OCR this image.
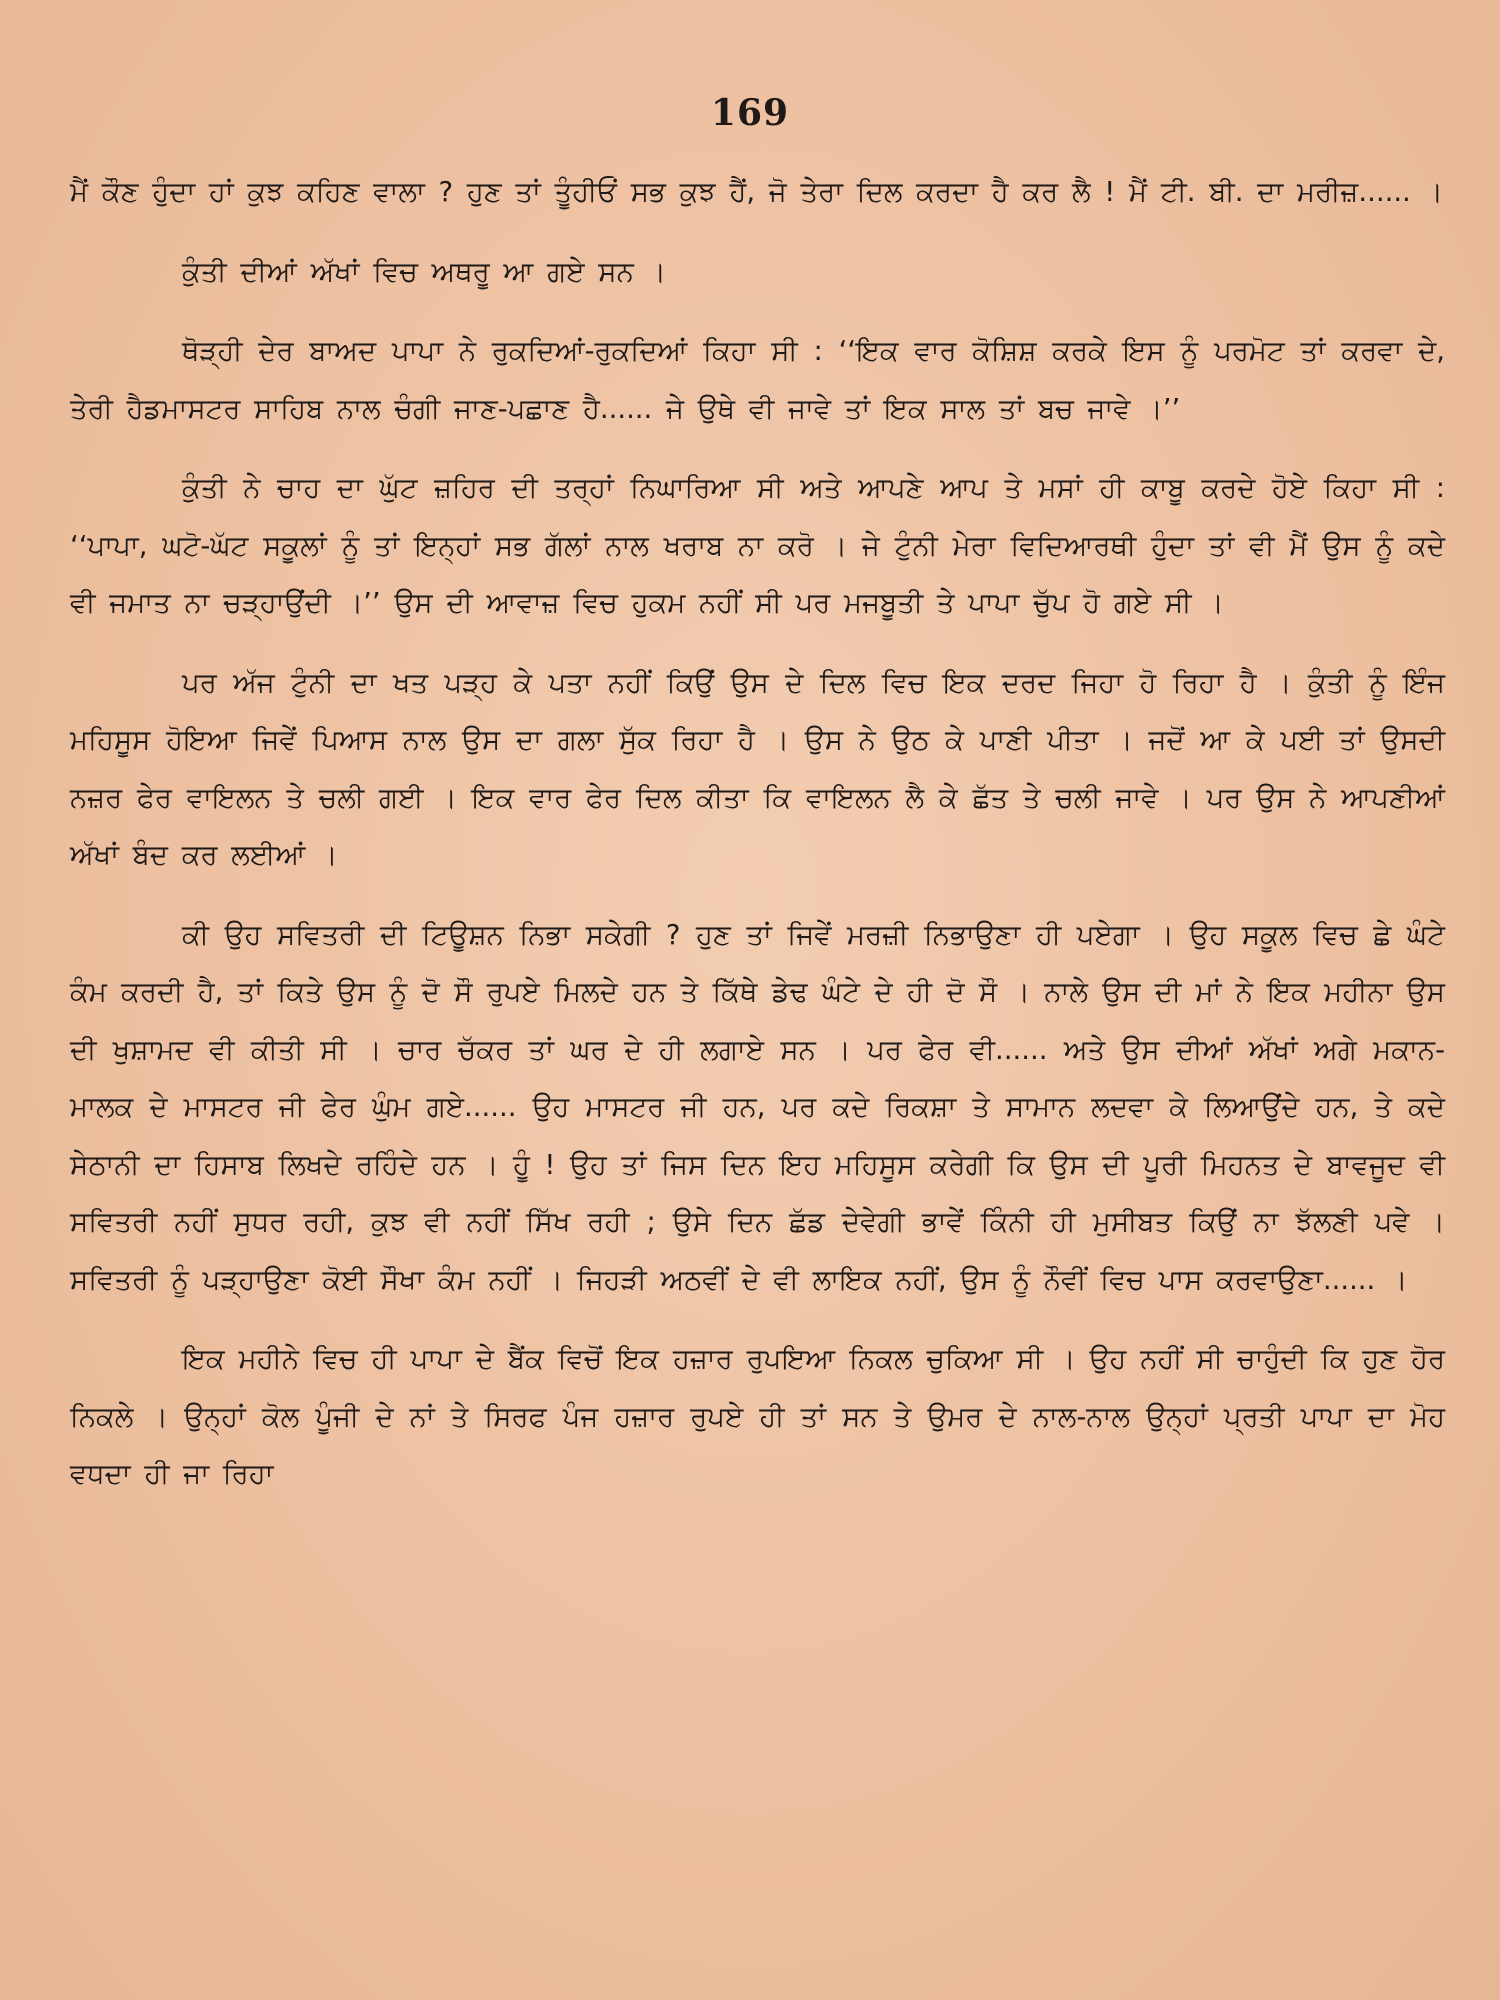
169

ਮੈਂ ਕੌਣ ਹੁੰਦਾ ਹਾਂ ਕੁਝ ਕਹਿਣ ਵਾਲਾ ? ਹੁਣ ਤਾਂ ਤੂੰਹੀਓਂ ਸਭ ਕੁਝ ਹੈਂ, ਜੋ ਤੇਰਾ ਦਿਲ ਕਰਦਾ ਹੈ ਕਰ ਲੈ ! ਮੈਂ ਟੀ. ਬੀ. ਦਾ ਮਰੀਜ਼...... ।

ਕੁੰਤੀ ਦੀਆਂ ਅੱਖਾਂ ਵਿਚ ਅਥਰੂ ਆ ਗਏ ਸਨ ।

ਥੋੜ੍ਹੀ ਦੇਰ ਬਾਅਦ ਪਾਪਾ ਨੇ ਰੁਕਦਿਆਂ-ਰੁਕਦਿਆਂ ਕਿਹਾ ਸੀ : ‘‘ਇਕ ਵਾਰ ਕੋਸ਼ਿਸ਼ ਕਰਕੇ ਇਸ ਨੂੰ ਪਰਮੋਟ ਤਾਂ ਕਰਵਾ ਦੇ, ਤੇਰੀ ਹੈਡਮਾਸਟਰ ਸਾਹਿਬ ਨਾਲ ਚੰਗੀ ਜਾਣ-ਪਛਾਣ ਹੈ...... ਜੇ ਉਥੇ ਵੀ ਜਾਵੇ ਤਾਂ ਇਕ ਸਾਲ ਤਾਂ ਬਚ ਜਾਵੇ ।’’

ਕੁੰਤੀ ਨੇ ਚਾਹ ਦਾ ਘੁੱਟ ਜ਼ਹਿਰ ਦੀ ਤਰ੍ਹਾਂ ਨਿਘਾਰਿਆ ਸੀ ਅਤੇ ਆਪਣੇ ਆਪ ਤੇ ਮਸਾਂ ਹੀ ਕਾਬੂ ਕਰਦੇ ਹੋਏ ਕਿਹਾ ਸੀ : ‘‘ਪਾਪਾ, ਘਟੋ-ਘੱਟ ਸਕੂਲਾਂ ਨੂੰ ਤਾਂ ਇਨ੍ਹਾਂ ਸਭ ਗੱਲਾਂ ਨਾਲ ਖਰਾਬ ਨਾ ਕਰੋ । ਜੇ ਟੁੰਨੀ ਮੇਰਾ ਵਿਦਿਆਰਥੀ ਹੁੰਦਾ ਤਾਂ ਵੀ ਮੈਂ ਉਸ ਨੂੰ ਕਦੇ ਵੀ ਜਮਾਤ ਨਾ ਚੜ੍ਹਾਉਂਦੀ ।’’ ਉਸ ਦੀ ਆਵਾਜ਼ ਵਿਚ ਹੁਕਮ ਨਹੀਂ ਸੀ ਪਰ ਮਜਬੂਤੀ ਤੇ ਪਾਪਾ ਚੁੱਪ ਹੋ ਗਏ ਸੀ ।

ਪਰ ਅੱਜ ਟੁੰਨੀ ਦਾ ਖਤ ਪੜ੍ਹ ਕੇ ਪਤਾ ਨਹੀਂ ਕਿਉਂ ਉਸ ਦੇ ਦਿਲ ਵਿਚ ਇਕ ਦਰਦ ਜਿਹਾ ਹੋ ਰਿਹਾ ਹੈ । ਕੁੰਤੀ ਨੂੰ ਇੰਜ ਮਹਿਸੂਸ ਹੋਇਆ ਜਿਵੇਂ ਪਿਆਸ ਨਾਲ ਉਸ ਦਾ ਗਲਾ ਸੁੱਕ ਰਿਹਾ ਹੈ । ਉਸ ਨੇ ਉਠ ਕੇ ਪਾਣੀ ਪੀਤਾ । ਜਦੋਂ ਆ ਕੇ ਪਈ ਤਾਂ ਉਸਦੀ ਨਜ਼ਰ ਫੇਰ ਵਾਇਲਨ ਤੇ ਚਲੀ ਗਈ । ਇਕ ਵਾਰ ਫੇਰ ਦਿਲ ਕੀਤਾ ਕਿ ਵਾਇਲਨ ਲੈ ਕੇ ਛੱਤ ਤੇ ਚਲੀ ਜਾਵੇ । ਪਰ ਉਸ ਨੇ ਆਪਣੀਆਂ ਅੱਖਾਂ ਬੰਦ ਕਰ ਲਈਆਂ ।

ਕੀ ਉਹ ਸਵਿਤਰੀ ਦੀ ਟਿਊਸ਼ਨ ਨਿਭਾ ਸਕੇਗੀ ? ਹੁਣ ਤਾਂ ਜਿਵੇਂ ਮਰਜ਼ੀ ਨਿਭਾਉਣਾ ਹੀ ਪਏਗਾ । ਉਹ ਸਕੂਲ ਵਿਚ ਛੇ ਘੰਟੇ ਕੰਮ ਕਰਦੀ ਹੈ, ਤਾਂ ਕਿਤੇ ਉਸ ਨੂੰ ਦੋ ਸੌ ਰੁਪਏ ਮਿਲਦੇ ਹਨ ਤੇ ਕਿੱਥੇ ਡੇਢ ਘੰਟੇ ਦੇ ਹੀ ਦੋ ਸੌ । ਨਾਲੇ ਉਸ ਦੀ ਮਾਂ ਨੇ ਇਕ ਮਹੀਨਾ ਉਸ ਦੀ ਖੁਸ਼ਾਮਦ ਵੀ ਕੀਤੀ ਸੀ । ਚਾਰ ਚੱਕਰ ਤਾਂ ਘਰ ਦੇ ਹੀ ਲਗਾਏ ਸਨ । ਪਰ ਫੇਰ ਵੀ...... ਅਤੇ ਉਸ ਦੀਆਂ ਅੱਖਾਂ ਅਗੇ ਮਕਾਨ-ਮਾਲਕ ਦੇ ਮਾਸਟਰ ਜੀ ਫੇਰ ਘੁੰਮ ਗਏ...... ਉਹ ਮਾਸਟਰ ਜੀ ਹਨ, ਪਰ ਕਦੇ ਰਿਕਸ਼ਾ ਤੇ ਸਾਮਾਨ ਲਦਵਾ ਕੇ ਲਿਆਉਂਦੇ ਹਨ, ਤੇ ਕਦੇ ਸੇਠਾਨੀ ਦਾ ਹਿਸਾਬ ਲਿਖਦੇ ਰਹਿੰਦੇ ਹਨ । ਹੂੰ ! ਉਹ ਤਾਂ ਜਿਸ ਦਿਨ ਇਹ ਮਹਿਸੂਸ ਕਰੇਗੀ ਕਿ ਉਸ ਦੀ ਪੂਰੀ ਮਿਹਨਤ ਦੇ ਬਾਵਜੂਦ ਵੀ ਸਵਿਤਰੀ ਨਹੀਂ ਸੁਧਰ ਰਹੀ, ਕੁਝ ਵੀ ਨਹੀਂ ਸਿੱਖ ਰਹੀ ; ਉਸੇ ਦਿਨ ਛੱਡ ਦੇਵੇਗੀ ਭਾਵੇਂ ਕਿੰਨੀ ਹੀ ਮੁਸੀਬਤ ਕਿਉਂ ਨਾ ਝੱਲਣੀ ਪਵੇ । ਸਵਿਤਰੀ ਨੂੰ ਪੜ੍ਹਾਉਣਾ ਕੋਈ ਸੌਖਾ ਕੰਮ ਨਹੀਂ । ਜਿਹੜੀ ਅਠਵੀਂ ਦੇ ਵੀ ਲਾਇਕ ਨਹੀਂ, ਉਸ ਨੂੰ ਨੌਵੀਂ ਵਿਚ ਪਾਸ ਕਰਵਾਉਣਾ...... ।

ਇਕ ਮਹੀਨੇ ਵਿਚ ਹੀ ਪਾਪਾ ਦੇ ਬੈਂਕ ਵਿਚੋਂ ਇਕ ਹਜ਼ਾਰ ਰੁਪਇਆ ਨਿਕਲ ਚੁਕਿਆ ਸੀ । ਉਹ ਨਹੀਂ ਸੀ ਚਾਹੁੰਦੀ ਕਿ ਹੁਣ ਹੋਰ ਨਿਕਲੇ । ਉਨ੍ਹਾਂ ਕੋਲ ਪੂੰਜੀ ਦੇ ਨਾਂ ਤੇ ਸਿਰਫ ਪੰਜ ਹਜ਼ਾਰ ਰੁਪਏ ਹੀ ਤਾਂ ਸਨ ਤੇ ਉਮਰ ਦੇ ਨਾਲ-ਨਾਲ ਉਨ੍ਹਾਂ ਪ੍ਰਤੀ ਪਾਪਾ ਦਾ ਮੋਹ ਵਧਦਾ ਹੀ ਜਾ ਰਿਹਾ
